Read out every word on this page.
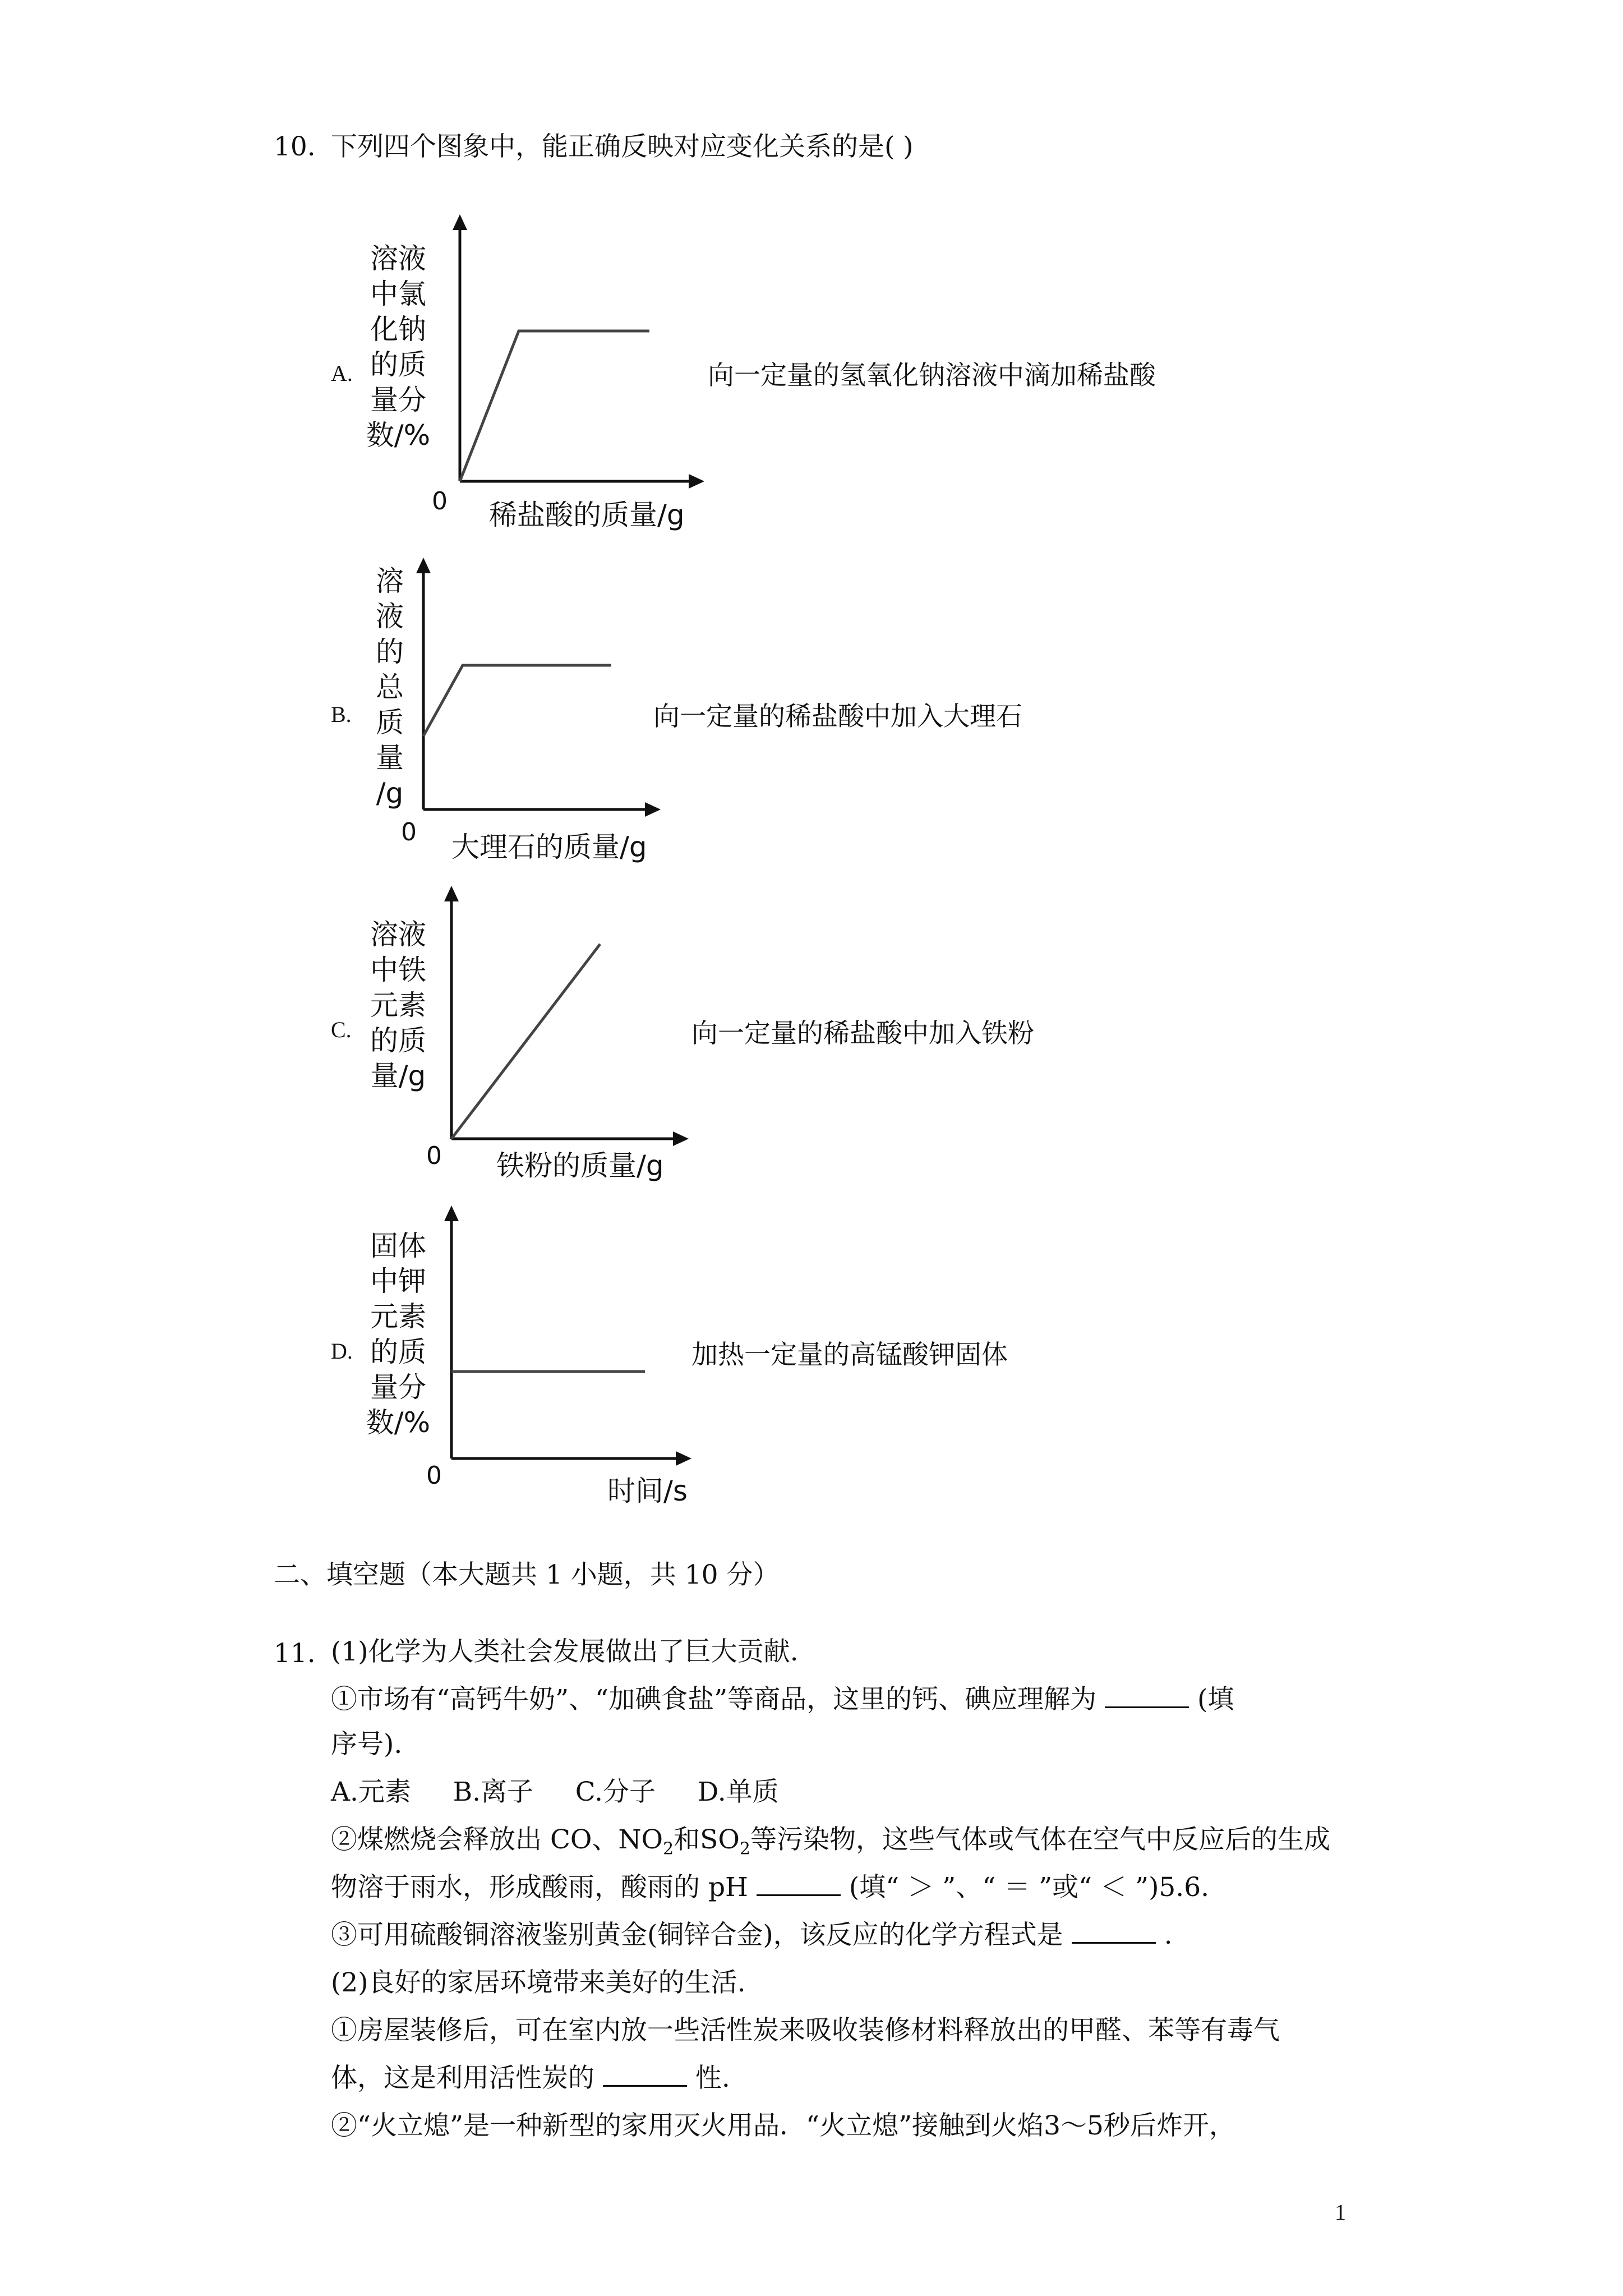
10. 下列四个图象中，能正确反映对应变化关系的是( )
A.
溶液
中氯
化钠
的质
量分
数/%
0 稀盐酸的质量/g
向一定量的氢氧化钠溶液中滴加稀盐酸
B.
溶
液
的
总
质
量
/g
0 大理石的质量/g
向一定量的稀盐酸中加入大理石
C.
溶液
中铁
元素
的质
量/g
0 铁粉的质量/g
向一定量的稀盐酸中加入铁粉
D.
固体
中钾
元素
的质
量分
数/%
0	时间/s
加热一定量的高锰酸钾固体
二、填空题（本大题共 1 小题，共 10 分）
11. (1)化学为人类社会发展做出了巨大贡献.
①市场有“高钙牛奶”、“加碘食盐”等商品，这里的钙、碘应理解为	(填
序号).
A.元素     B.离子     C.分子     D.单质
②煤燃烧会释放出 CO、$NO_2$和$SO_2$等污染物，这些气体或气体在空气中反应后的生成
物溶于雨水，形成酸雨，酸雨的 pH	(填“ ＞ ”、“ ＝ ”或“ ＜ ”)5.6.
③可用硫酸铜溶液鉴别黄金(铜锌合金)，该反应的化学方程式是	.
(2)良好的家居环境带来美好的生活.
①房屋装修后，可在室内放一些活性炭来吸收装修材料释放出的甲醛、苯等有毒气
体，这是利用活性炭的	性.
②“火立熄”是一种新型的家用灭火用品．“火立熄”接触到火焰3～5秒后炸开，
1
